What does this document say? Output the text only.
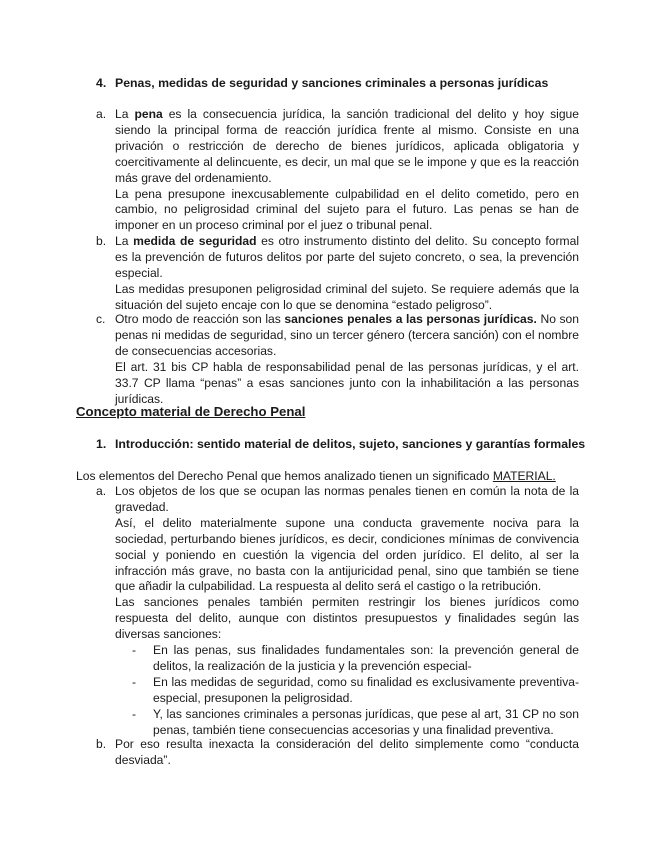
4. Penas, medidas de seguridad y sanciones criminales a personas jurídicas
a. La pena es la consecuencia jurídica, la sanción tradicional del delito y hoy sigue siendo la principal forma de reacción jurídica frente al mismo. Consiste en una privación o restricción de derecho de bienes jurídicos, aplicada obligatoria y coercitivamente al delincuente, es decir, un mal que se le impone y que es la reacción más grave del ordenamiento.

La pena presupone inexcusablemente culpabilidad en el delito cometido, pero en cambio, no peligrosidad criminal del sujeto para el futuro. Las penas se han de imponer en un proceso criminal por el juez o tribunal penal.

b. La medida de seguridad es otro instrumento distinto del delito. Su concepto formal es la prevención de futuros delitos por parte del sujeto concreto, o sea, la prevención especial.

Las medidas presuponen peligrosidad criminal del sujeto. Se requiere además que la situación del sujeto encaje con lo que se denomina “estado peligroso”.

c. Otro modo de reacción son las sanciones penales a las personas jurídicas. No son penas ni medidas de seguridad, sino un tercer género (tercera sanción) con el nombre de consecuencias accesorias.

El art. 31 bis CP habla de responsabilidad penal de las personas jurídicas, y el art. 33.7 CP llama “penas” a esas sanciones junto con la inhabilitación a las personas jurídicas.

Concepto material de Derecho Penal
1. Introducción: sentido material de delitos, sujeto, sanciones y garantías formales
Los elementos del Derecho Penal que hemos analizado tienen un significado MATERIAL.
a. Los objetos de los que se ocupan las normas penales tienen en común la nota de la gravedad.

Así, el delito materialmente supone una conducta gravemente nociva para la sociedad, perturbando bienes jurídicos, es decir, condiciones mínimas de convivencia social y poniendo en cuestión la vigencia del orden jurídico. El delito, al ser la infracción más grave, no basta con la antijuricidad penal, sino que también se tiene que añadir la culpabilidad. La respuesta al delito será el castigo o la retribución.

Las sanciones penales también permiten restringir los bienes jurídicos como respuesta del delito, aunque con distintos presupuestos y finalidades según las diversas sanciones:

- En las penas, sus finalidades fundamentales son: la prevención general de delitos, la realización de la justicia y la prevención especial-

- En las medidas de seguridad, como su finalidad es exclusivamente preventiva-especial, presuponen la peligrosidad.

- Y, las sanciones criminales a personas jurídicas, que pese al art, 31 CP no son penas, también tiene consecuencias accesorias y una finalidad preventiva.

b. Por eso resulta inexacta la consideración del delito simplemente como “conducta desviada”.
